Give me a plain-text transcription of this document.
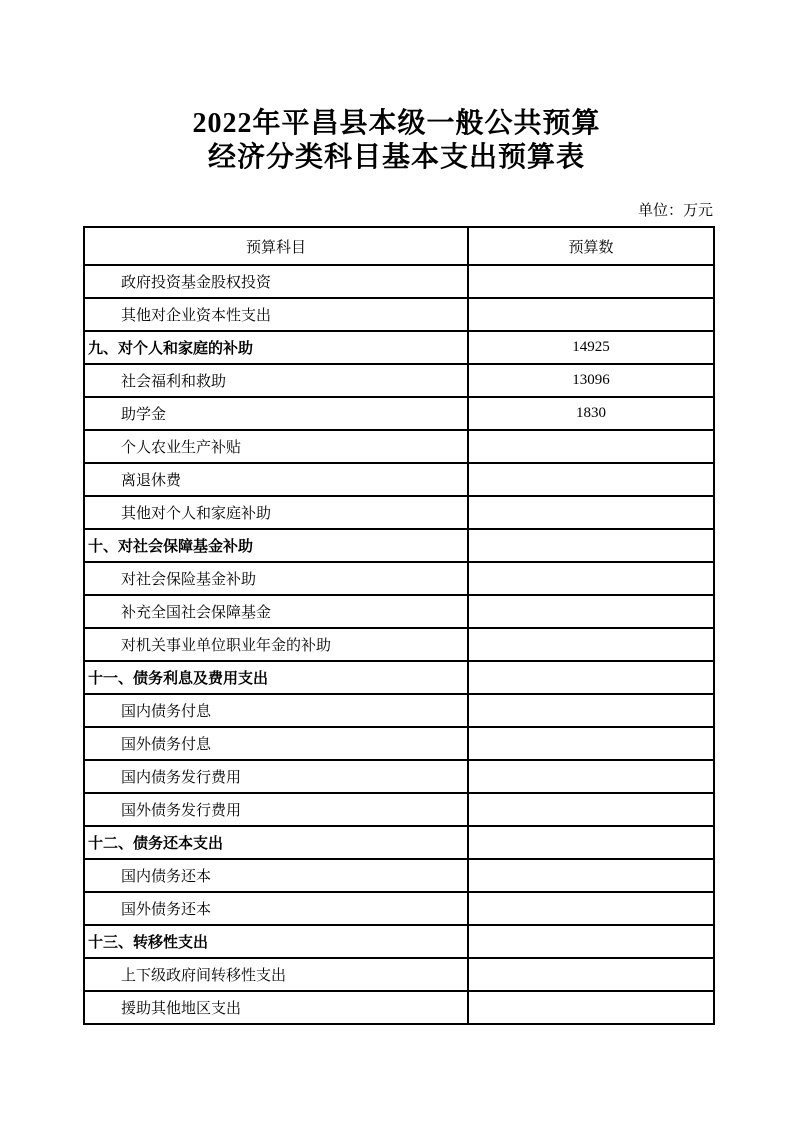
2022年平昌县本级一般公共预算
经济分类科目基本支出预算表
单位：万元
预算科目	预算数
政府投资基金股权投资	
其他对企业资本性支出	
九、对个人和家庭的补助	14925
社会福利和救助	13096
助学金	1830
个人农业生产补贴	
离退休费	
其他对个人和家庭补助	
十、对社会保障基金补助	
对社会保险基金补助	
补充全国社会保障基金	
对机关事业单位职业年金的补助	
十一、债务利息及费用支出	
国内债务付息	
国外债务付息	
国内债务发行费用	
国外债务发行费用	
十二、债务还本支出	
国内债务还本	
国外债务还本	
十三、转移性支出	
上下级政府间转移性支出	
援助其他地区支出	
